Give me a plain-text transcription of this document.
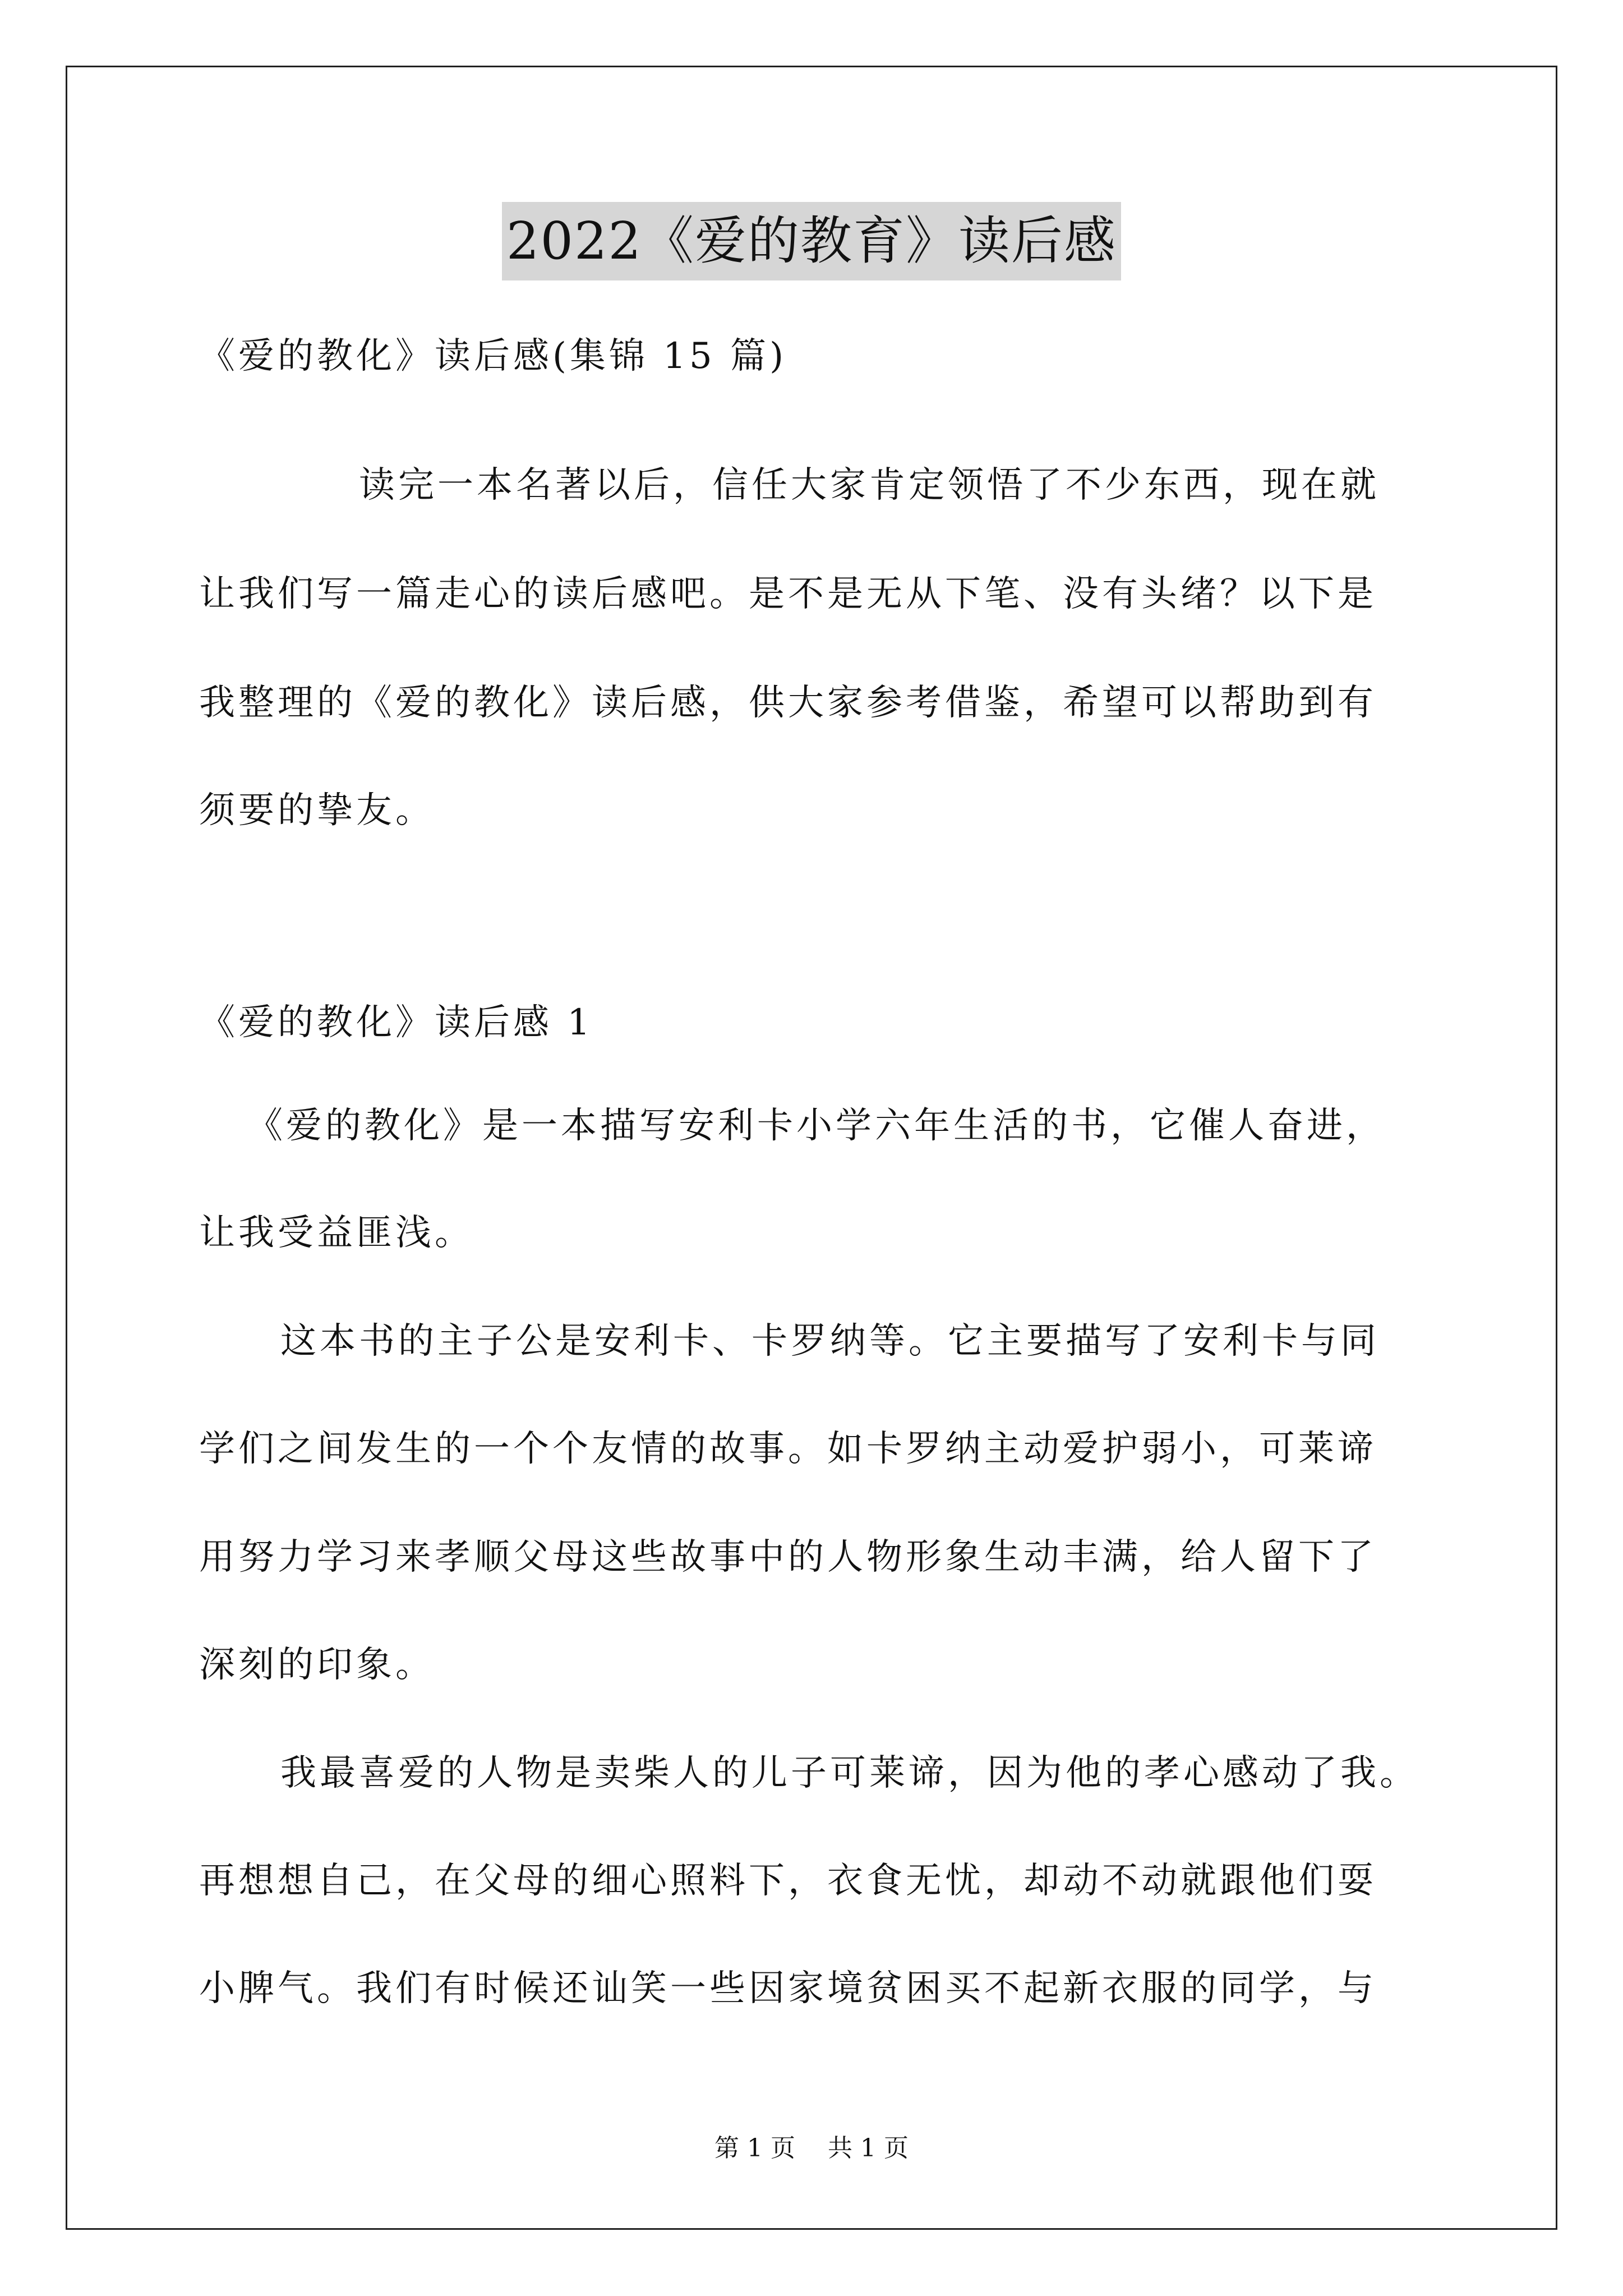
2022《爱的教育》读后感
《爱的教化》读后感(集锦 15 篇)
读完一本名著以后，信任大家肯定领悟了不少东西，现在就
让我们写一篇走心的读后感吧。是不是无从下笔、没有头绪？以下是
我整理的《爱的教化》读后感，供大家参考借鉴，希望可以帮助到有
须要的挚友。
《爱的教化》读后感 1
《爱的教化》是一本描写安利卡小学六年生活的书，它催人奋进，
让我受益匪浅。
这本书的主子公是安利卡、卡罗纳等。它主要描写了安利卡与同
学们之间发生的一个个友情的故事。如卡罗纳主动爱护弱小，可莱谛
用努力学习来孝顺父母这些故事中的人物形象生动丰满，给人留下了
深刻的印象。
我最喜爱的人物是卖柴人的儿子可莱谛，因为他的孝心感动了我。
再想想自己，在父母的细心照料下，衣食无忧，却动不动就跟他们耍
小脾气。我们有时候还讪笑一些因家境贫困买不起新衣服的同学，与
第 1 页　 共 1 页
